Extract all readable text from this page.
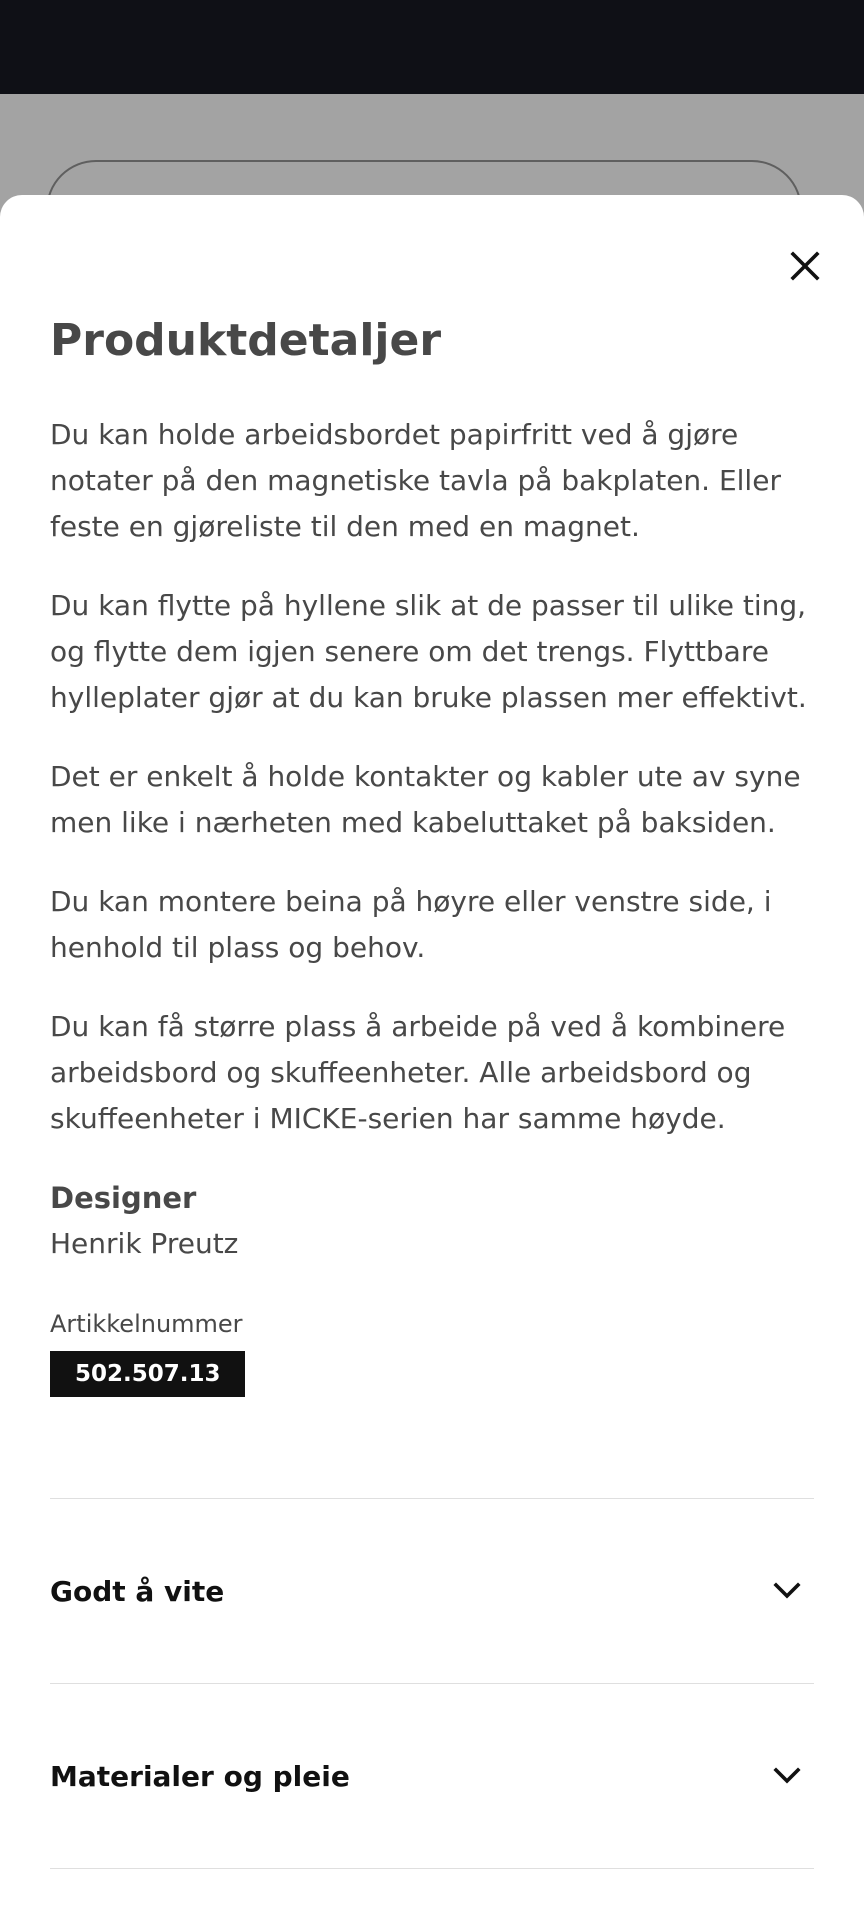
Produktdetaljer

Du kan holde arbeidsbordet papirfritt ved å gjøre notater på den magnetiske tavla på bakplaten. Eller feste en gjøreliste til den med en magnet.

Du kan flytte på hyllene slik at de passer til ulike ting, og flytte dem igjen senere om det trengs. Flyttbare hylleplater gjør at du kan bruke plassen mer effektivt.

Det er enkelt å holde kontakter og kabler ute av syne men like i nærheten med kabeluttaket på baksiden.

Du kan montere beina på høyre eller venstre side, i henhold til plass og behov.

Du kan få større plass å arbeide på ved å kombinere arbeidsbord og skuffeenheter. Alle arbeidsbord og skuffeenheter i MICKE-serien har samme høyde.

Designer
Henrik Preutz
Artikkelnummer
502.507.13
Godt å vite
Materialer og pleie
